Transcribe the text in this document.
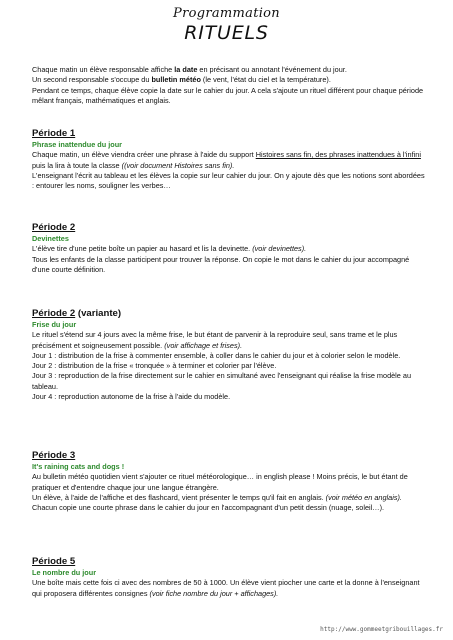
Programmation
RITUELS

Chaque matin un élève responsable affiche la date en précisant ou annotant l'événement du jour.

Un second responsable s'occupe du bulletin météo (le vent, l'état du ciel et la température).

Pendant ce temps, chaque élève copie la date sur le cahier du jour. A cela s'ajoute un rituel différent pour chaque période mêlant français, mathématiques et anglais.

Période 1
Phrase inattendue du jour

Chaque matin, un élève viendra créer une phrase à l'aide du support Histoires sans fin, des phrases inattendues à l'infini puis la lira à toute la classe ((voir document Histoires sans fin).

L'enseignant l'écrit au tableau et les élèves la copie sur leur cahier du jour. On y ajoute dès que les notions sont abordées : entourer les noms, souligner les verbes…

Période 2
Devinettes

L'élève tire d'une petite boîte un papier au hasard et lis la devinette. (voir devinettes).

Tous les enfants de la classe participent pour trouver la réponse. On copie le mot dans le cahier du jour accompagné d'une courte définition.

Période 2 (variante)
Frise du jour

Le rituel s'étend sur 4 jours avec la même frise, le but étant de parvenir à la reproduire seul, sans trame et le plus précisément et soigneusement possible. (voir affichage et frises).

Jour 1 : distribution de la frise à commenter ensemble, à coller dans le cahier du jour et à colorier selon le modèle.

Jour 2 : distribution de la frise « tronquée » à terminer et colorier par l'élève.

Jour 3 : reproduction de la frise directement sur le cahier en simultané avec l'enseignant qui réalise la frise modèle au tableau.

Jour 4 : reproduction autonome de la frise à l'aide du modèle.

Période 3
It's raining cats and dogs !

Au bulletin météo quotidien vient s'ajouter ce rituel météorologique… in english please ! Moins précis, le but étant de pratiquer et d'entendre chaque jour une langue étrangère.

Un élève, à l'aide de l'affiche et des flashcard, vient présenter le temps qu'il fait en anglais. (voir météo en anglais). Chacun copie une courte phrase dans le cahier du jour en l'accompagnant d'un petit dessin (nuage, soleil…).

Période 5
Le nombre du jour

Une boîte mais cette fois ci avec des nombres de 50 à 1000. Un élève vient piocher une carte et la donne à l'enseignant qui proposera différentes consignes (voir fiche nombre du jour + affichages).

http://www.gommeetgribouillages.fr
